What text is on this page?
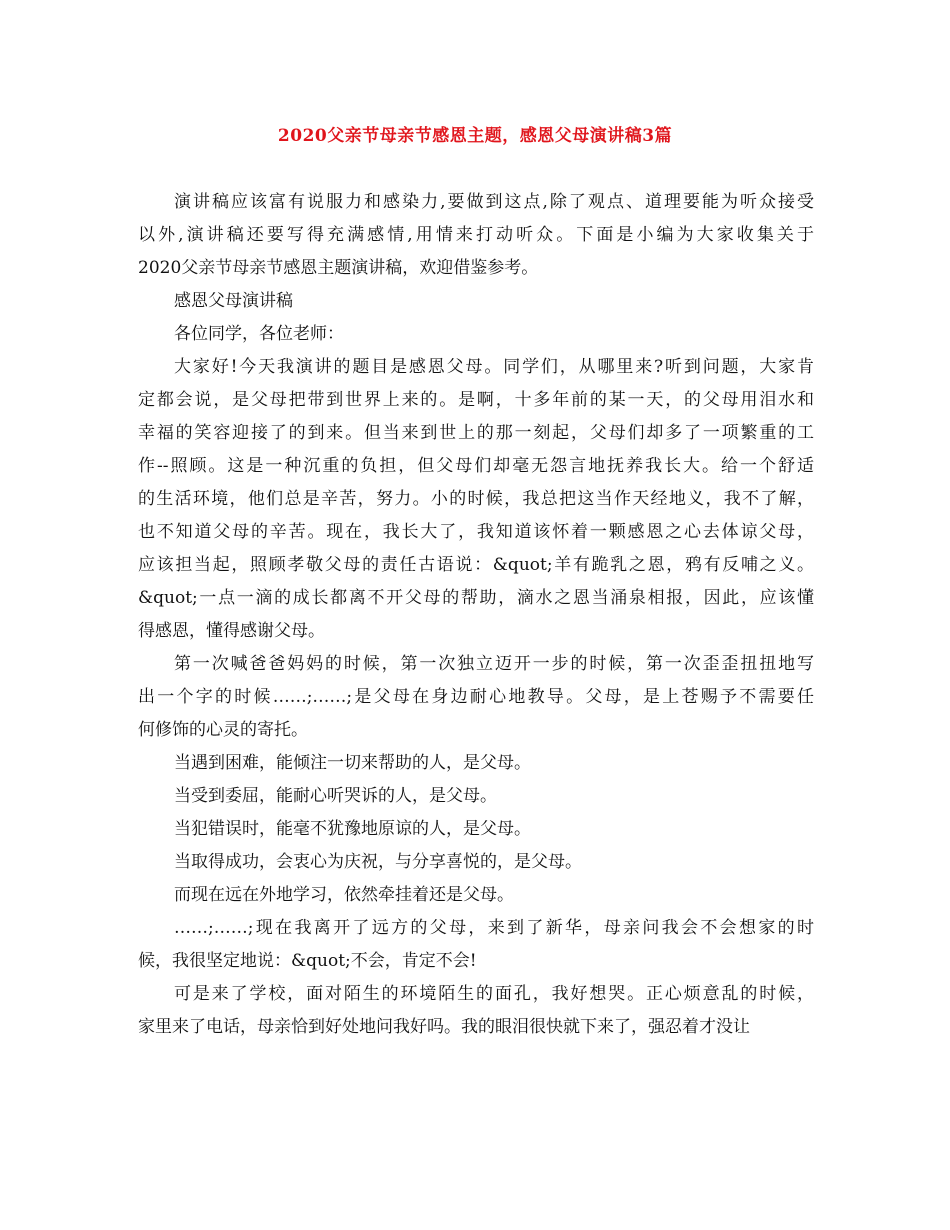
2020父亲节母亲节感恩主题，感恩父母演讲稿3篇
演讲稿应该富有说服力和感染力,要做到这点,除了观点、道理要能为听众接受
以外,演讲稿还要写得充满感情,用情来打动听众。下面是小编为大家收集关于
2020父亲节母亲节感恩主题演讲稿，欢迎借鉴参考。
感恩父母演讲稿
各位同学，各位老师：
大家好!今天我演讲的题目是感恩父母。同学们，从哪里来?听到问题，大家肯
定都会说，是父母把带到世界上来的。是啊，十多年前的某一天，的父母用泪水和
幸福的笑容迎接了的到来。但当来到世上的那一刻起，父母们却多了一项繁重的工
作--照顾。这是一种沉重的负担，但父母们却毫无怨言地抚养我长大。给一个舒适
的生活环境，他们总是辛苦，努力。小的时候，我总把这当作天经地义，我不了解，
也不知道父母的辛苦。现在，我长大了，我知道该怀着一颗感恩之心去体谅父母，
应该担当起，照顾孝敬父母的责任古语说：&quot;羊有跪乳之恩，鸦有反哺之义。
&quot;一点一滴的成长都离不开父母的帮助，滴水之恩当涌泉相报，因此，应该懂
得感恩，懂得感谢父母。
第一次喊爸爸妈妈的时候，第一次独立迈开一步的时候，第一次歪歪扭扭地写
出一个字的时候……;……;是父母在身边耐心地教导。父母，是上苍赐予不需要任
何修饰的心灵的寄托。
当遇到困难，能倾注一切来帮助的人，是父母。
当受到委屈，能耐心听哭诉的人，是父母。
当犯错误时，能毫不犹豫地原谅的人，是父母。
当取得成功，会衷心为庆祝，与分享喜悦的，是父母。
而现在远在外地学习，依然牵挂着还是父母。
……;……;现在我离开了远方的父母，来到了新华，母亲问我会不会想家的时
候，我很坚定地说：&quot;不会，肯定不会!
可是来了学校，面对陌生的环境陌生的面孔，我好想哭。正心烦意乱的时候，
家里来了电话，母亲恰到好处地问我好吗。我的眼泪很快就下来了，强忍着才没让
